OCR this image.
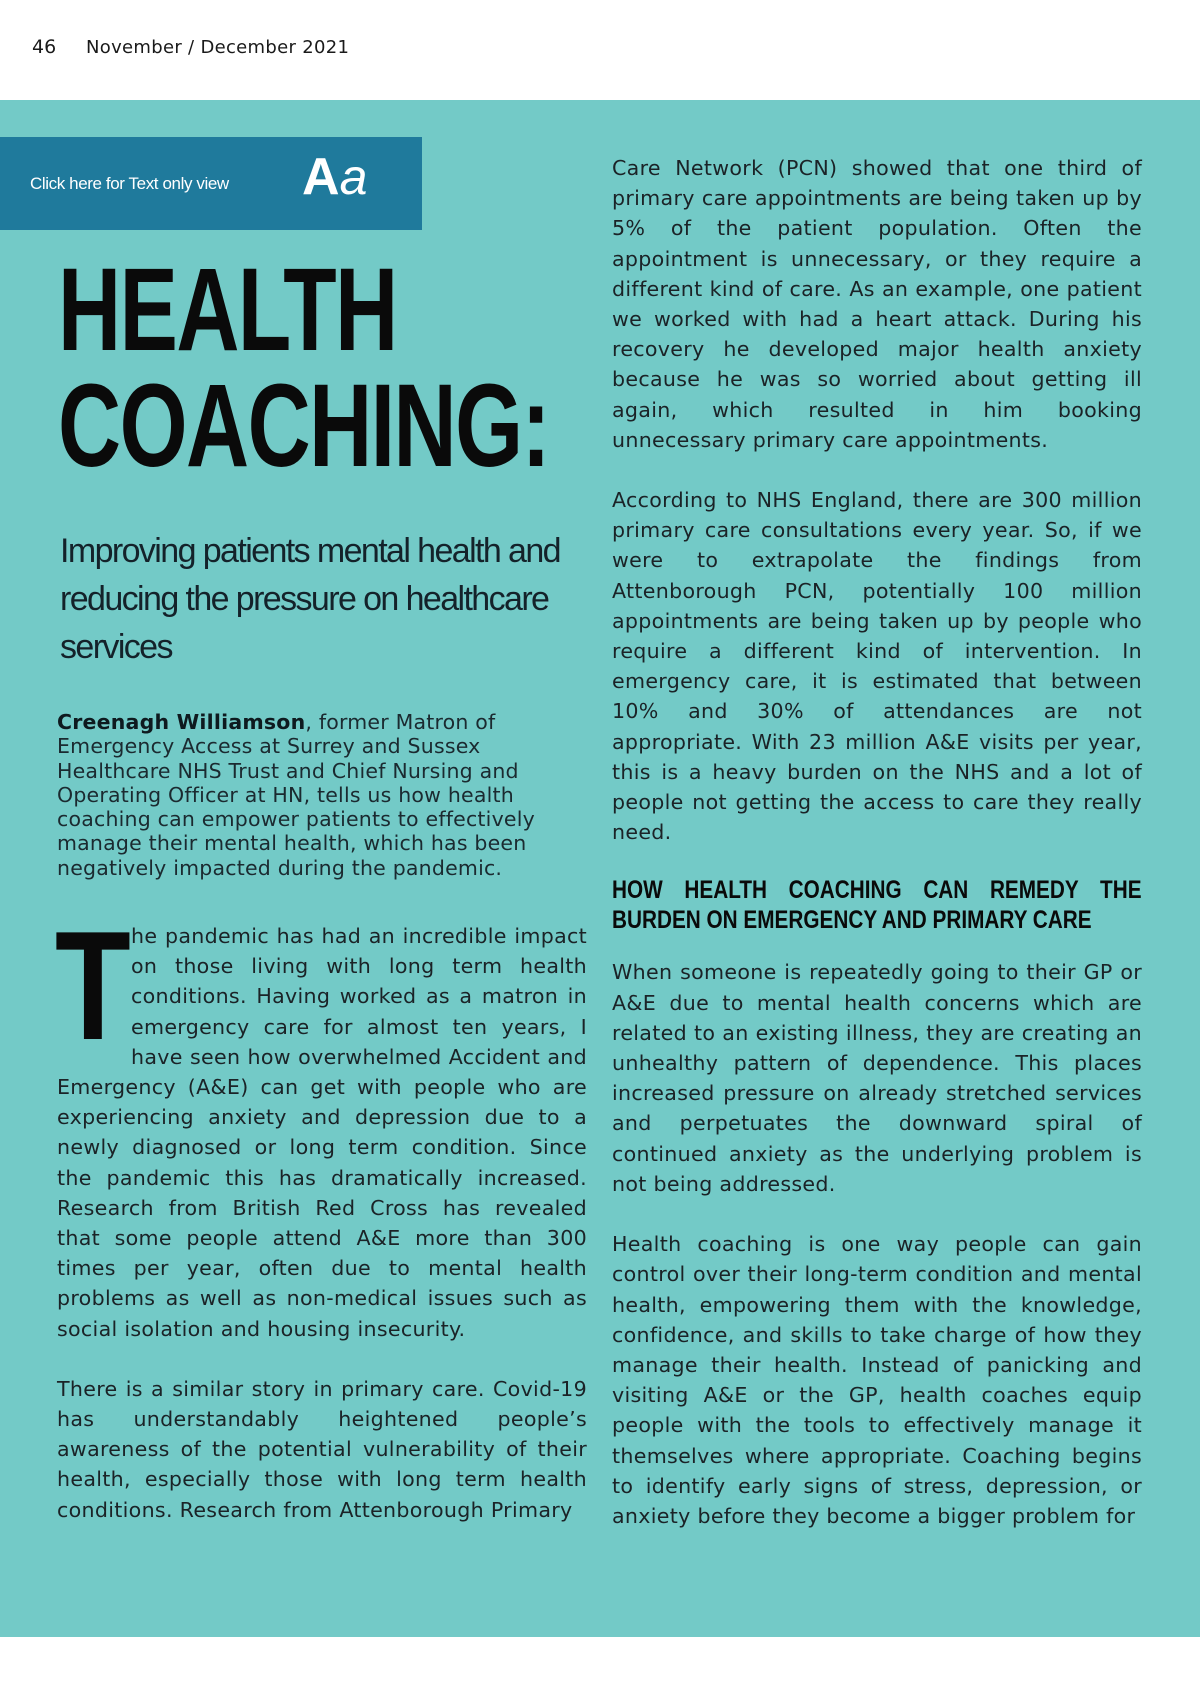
46 November / December 2021
Click here for Text only view Aa
HEALTH
COACHING:
Improving patients mental health and reducing the pressure on healthcare services
Creenagh Williamson, former Matron of Emergency Access at Surrey and Sussex Healthcare NHS Trust and Chief Nursing and Operating Officer at HN, tells us how health coaching can empower patients to effectively manage their mental health, which has been negatively impacted during the pandemic.

The pandemic has had an incredible impact on those living with long term health conditions. Having worked as a matron in emergency care for almost ten years, I have seen how overwhelmed Accident and Emergency (A&E) can get with people who are experiencing anxiety and depression due to a newly diagnosed or long term condition. Since the pandemic this has dramatically increased. Research from British Red Cross has revealed that some people attend A&E more than 300 times per year, often due to mental health problems as well as non-medical issues such as social isolation and housing insecurity.

There is a similar story in primary care. Covid-19 has understandably heightened people’s awareness of the potential vulnerability of their health, especially those with long term health conditions. Research from Attenborough Primary

Care Network (PCN) showed that one third of primary care appointments are being taken up by 5% of the patient population. Often the appointment is unnecessary, or they require a different kind of care. As an example, one patient we worked with had a heart attack. During his recovery he developed major health anxiety because he was so worried about getting ill again, which resulted in him booking unnecessary primary care appointments.

According to NHS England, there are 300 million primary care consultations every year. So, if we were to extrapolate the findings from Attenborough PCN, potentially 100 million appointments are being taken up by people who require a different kind of intervention. In emergency care, it is estimated that between 10% and 30% of attendances are not appropriate. With 23 million A&E visits per year, this is a heavy burden on the NHS and a lot of people not getting the access to care they really need.

HOW HEALTH COACHING CAN REMEDY THE BURDEN ON EMERGENCY AND PRIMARY CARE

When someone is repeatedly going to their GP or A&E due to mental health concerns which are related to an existing illness, they are creating an unhealthy pattern of dependence. This places increased pressure on already stretched services and perpetuates the downward spiral of continued anxiety as the underlying problem is not being addressed.

Health coaching is one way people can gain control over their long-term condition and mental health, empowering them with the knowledge, confidence, and skills to take charge of how they manage their health. Instead of panicking and visiting A&E or the GP, health coaches equip people with the tools to effectively manage it themselves where appropriate. Coaching begins to identify early signs of stress, depression, or anxiety before they become a bigger problem for
